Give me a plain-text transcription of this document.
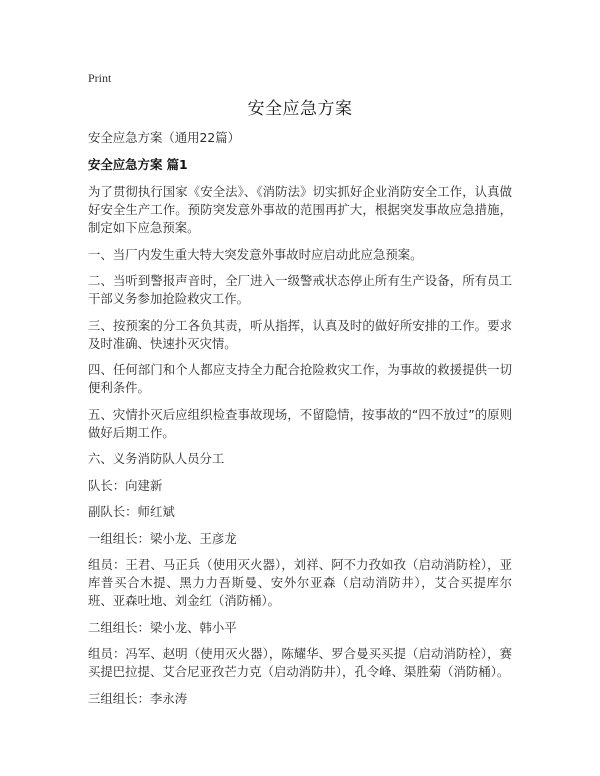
Print
安全应急方案

安全应急方案（通用22篇）

安全应急方案 篇1

为了贯彻执行国家《安全法》、《消防法》切实抓好企业消防安全工作，认真做好安全生产工作。预防突发意外事故的范围再扩大，根据突发事故应急措施，制定如下应急预案。

一、当厂内发生重大特大突发意外事故时应启动此应急预案。

二、当听到警报声音时，全厂进入一级警戒状态停止所有生产设备，所有员工干部义务参加抢险救灾工作。

三、按预案的分工各负其责，听从指挥，认真及时的做好所安排的工作。要求及时准确、快速扑灭灾情。

四、任何部门和个人都应支持全力配合抢险救灾工作，为事故的救援提供一切便利条件。

五、灾情扑灭后应组织检查事故现场，不留隐情，按事故的“四不放过”的原则做好后期工作。

六、义务消防队人员分工

队长：向建新

副队长：师红斌

一组组长：梁小龙、王彦龙

组员：王君、马正兵（使用灭火器），刘祥、阿不力孜如孜（启动消防栓），亚库普买合木提、黑力力吾斯曼、安外尔亚森（启动消防井），艾合买提库尔班、亚森吐地、刘金红（消防桶）。

二组组长：梁小龙、韩小平

组员：冯军、赵明（使用灭火器），陈耀华、罗合曼买买提（启动消防栓），赛买提巴拉提、艾合尼亚孜芒力克（启动消防井），孔令峰、渠胜菊（消防桶）。

三组组长：李永涛
